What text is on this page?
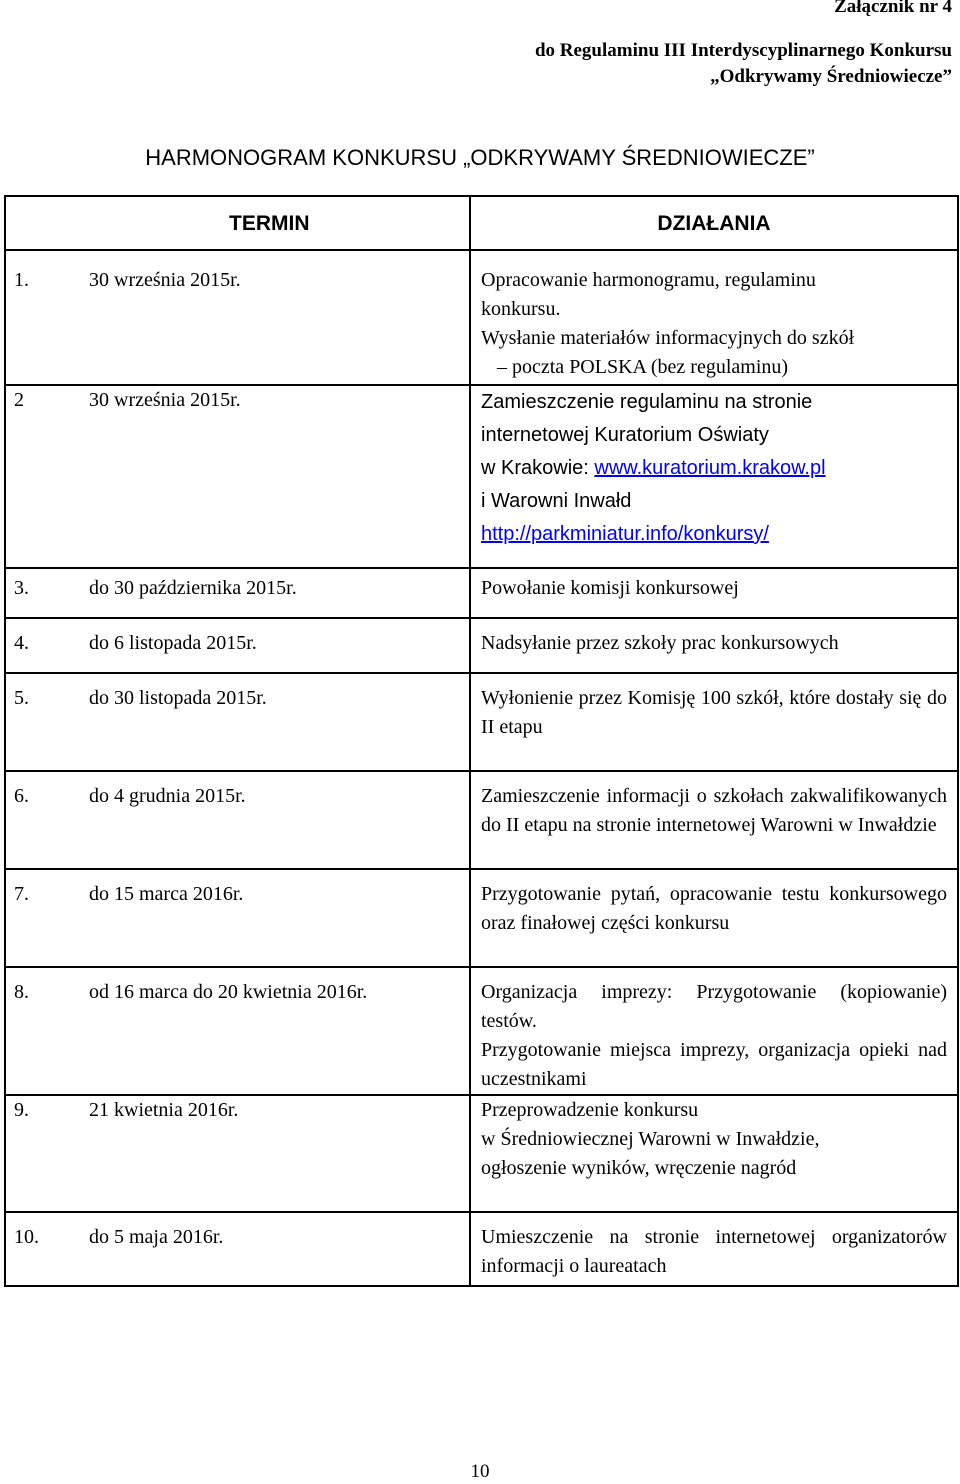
Załącznik nr 4
do Regulaminu III Interdyscyplinarnego Konkursu
„Odkrywamy Średniowiecze”
HARMONOGRAM KONKURSU „ODKRYWAMY ŚREDNIOWIECZE”
	TERMIN	DZIAŁANIA
1.	30 września 2015r.	Opracowanie harmonogramu, regulaminu konkursu.
Wysłanie materiałów informacyjnych do szkół
– poczta POLSKA (bez regulaminu)

2	30 września 2015r.	Zamieszczenie regulaminu na stronie
internetowej Kuratorium Oświaty
w Krakowie: www.kuratorium.krakow.pl
i Warowni Inwałd
http://parkminiatur.info/konkursy/
3.	do 30 października 2015r.	Powołanie komisji konkursowej
4.	do 6 listopada 2015r.	Nadsyłanie przez szkoły prac konkursowych
5.	do 30 listopada 2015r.	Wyłonienie przez Komisję 100 szkół, które dostały się do II etapu
6.	do 4 grudnia 2015r.	Zamieszczenie informacji o szkołach zakwalifikowanych do II etapu na stronie internetowej Warowni w Inwałdzie
7.	do 15 marca 2016r.	Przygotowanie pytań, opracowanie testu konkursowego oraz finałowej części konkursu
8.	od 16 marca do 20 kwietnia 2016r.	Organizacja imprezy: Przygotowanie (kopiowanie) testów.
Przygotowanie miejsca imprezy, organizacja opieki nad uczestnikami

9.	21 kwietnia 2016r.	Przeprowadzenie konkursu
w Średniowiecznej Warowni w Inwałdzie,
ogłoszenie wyników, wręczenie nagród

10.	do 5 maja 2016r.	Umieszczenie na stronie internetowej organizatorów informacji o laureatach
10
